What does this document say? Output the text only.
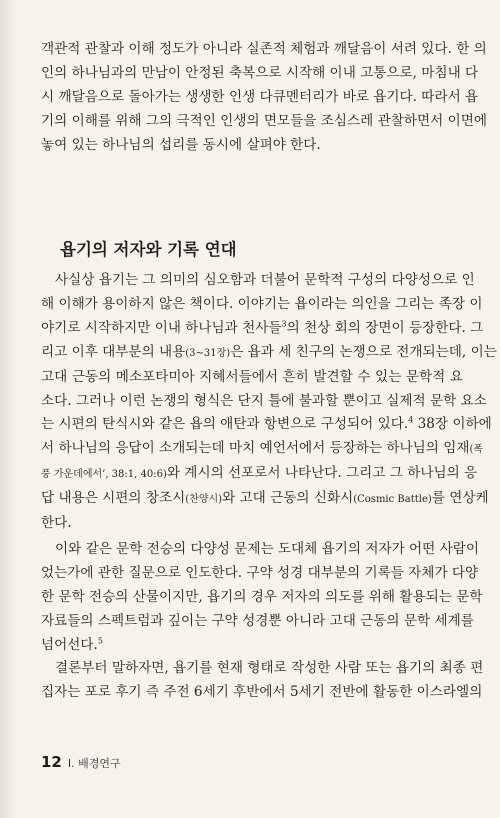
객관적 관찰과 이해 정도가 아니라 실존적 체험과 깨달음이 서려 있다. 한 의
인의 하나님과의 만남이 안정된 축복으로 시작해 이내 고통으로, 마침내 다
시 깨달음으로 돌아가는 생생한 인생 다큐멘터리가 바로 욥기다. 따라서 욥
기의 이해를 위해 그의 극적인 인생의 면모들을 조심스레 관찰하면서 이면에
놓여 있는 하나님의 섭리를 동시에 살펴야 한다.
욥기의 저자와 기록 연대
사실상 욥기는 그 의미의 심오함과 더불어 문학적 구성의 다양성으로 인
해 이해가 용이하지 않은 책이다. 이야기는 욥이라는 의인을 그리는 족장 이
야기로 시작하지만 이내 하나님과 천사들$^3$의 천상 회의 장면이 등장한다. 그
리고 이후 대부분의 내용(3∼31장)은 욥과 세 친구의 논쟁으로 전개되는데, 이는
고대 근동의 메소포타미아 지혜서들에서 흔히 발견할 수 있는 문학적 요
소다. 그러나 이런 논쟁의 형식은 단지 틀에 불과할 뿐이고 실제적 문학 요소
는 시편의 탄식시와 같은 욥의 애탄과 항변으로 구성되어 있다.$^4$ 38장 이하에
서 하나님의 응답이 소개되는데 마치 예언서에서 등장하는 하나님의 임재(폭
풍 가운데에서’, 38:1, 40:6)와 계시의 선포로서 나타난다. 그리고 그 하나님의 응
답 내용은 시편의 창조시(찬양시)와 고대 근동의 신화시(Cosmic Battle)를 연상케
한다.
이와 같은 문학 전승의 다양성 문제는 도대체 욥기의 저자가 어떤 사람이
었는가에 관한 질문으로 인도한다. 구약 성경 대부분의 기록들 자체가 다양
한 문학 전승의 산물이지만, 욥기의 경우 저자의 의도를 위해 활용되는 문학
자료들의 스펙트럼과 깊이는 구약 성경뿐 아니라 고대 근동의 문학 세계를
넘어선다.$^5$
결론부터 말하자면, 욥기를 현재 형태로 작성한 사람 또는 욥기의 최종 편
집자는 포로 후기 즉 주전 6세기 후반에서 5세기 전반에 활동한 이스라엘의
12 I. 배경연구
